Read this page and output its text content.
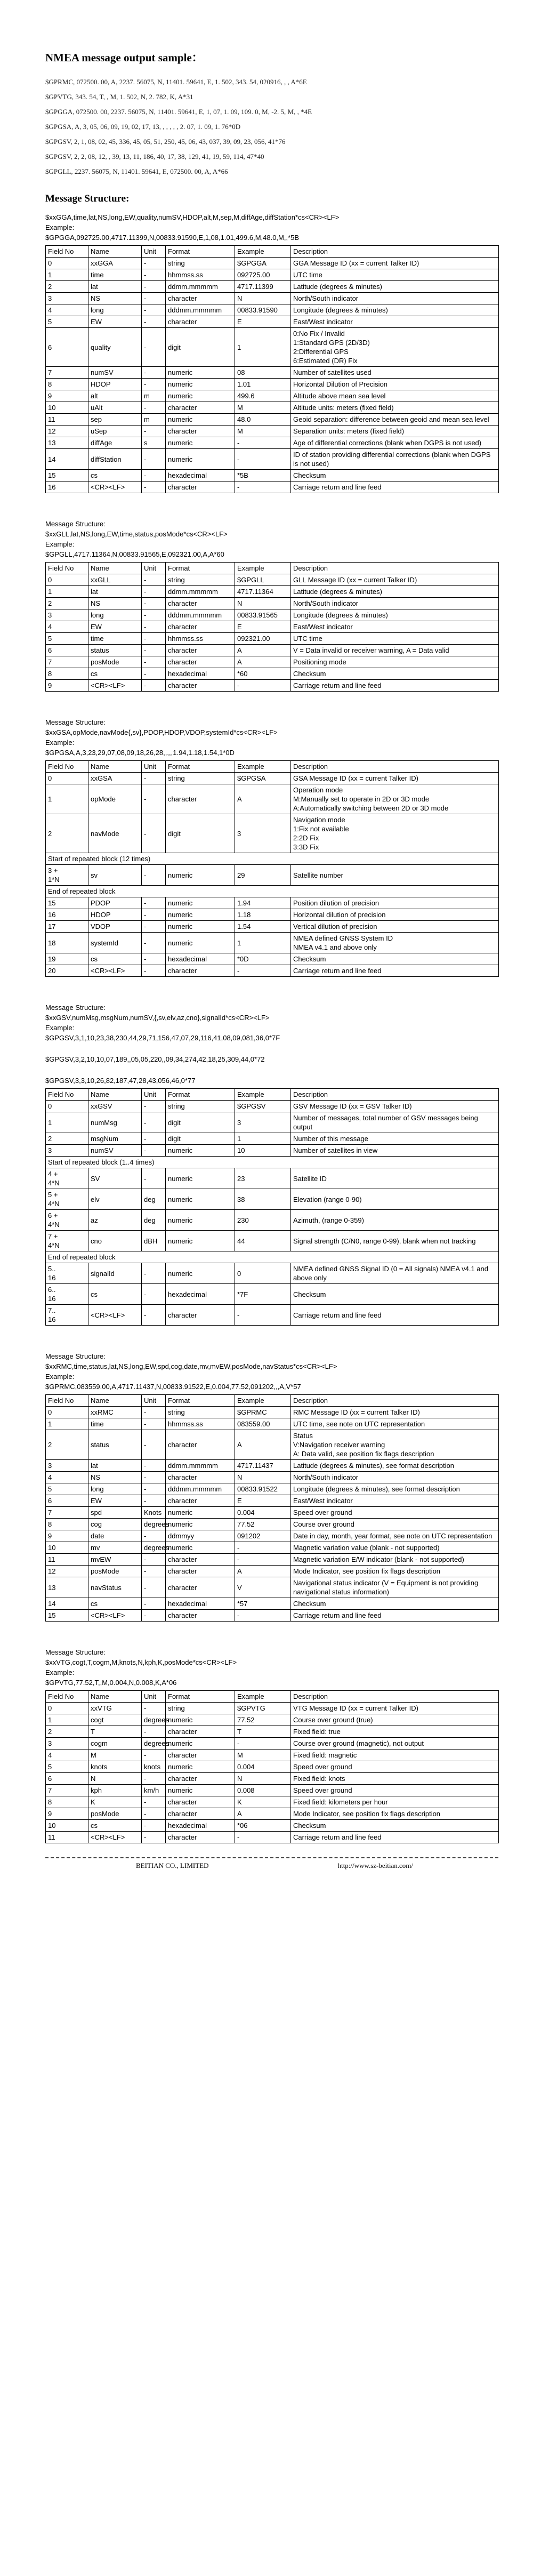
NMEA message output sample：
$GPRMC, 072500. 00, A, 2237. 56075, N, 11401. 59641, E, 1. 502, 343. 54, 020916, , , A*6E
$GPVTG, 343. 54, T, , M, 1. 502, N, 2. 782, K, A*31
$GPGGA, 072500. 00, 2237. 56075, N, 11401. 59641, E, 1, 07, 1. 09, 109. 0, M, -2. 5, M, , *4E
$GPGSA, A, 3, 05, 06, 09, 19, 02, 17, 13, , , , , , 2. 07, 1. 09, 1. 76*0D
$GPGSV, 2, 1, 08, 02, 45, 336, 45, 05, 51, 250, 45, 06, 43, 037, 39, 09, 23, 056, 41*76
$GPGSV, 2, 2, 08, 12, , 39, 13, 11, 186, 40, 17, 38, 129, 41, 19, 59, 114, 47*40
$GPGLL, 2237. 56075, N, 11401. 59641, E, 072500. 00, A, A*66
Message Structure:
$xxGGA,time,lat,NS,long,EW,quality,numSV,HDOP,alt,M,sep,M,diffAge,diffStation*cs<CR><LF>
Example:
$GPGGA,092725.00,4717.11399,N,00833.91590,E,1,08,1.01,499.6,M,48.0,M,,*5B
Field No	Name	Unit	Format	Example	Description
0	xxGGA	-	string	$GPGGA	GGA Message ID (xx = current Talker ID)
1	time	-	hhmmss.ss	092725.00	UTC time
2	lat	-	ddmm.mmmmm	4717.11399	Latitude (degrees & minutes)
3	NS	-	character	N	North/South indicator
4	long	-	dddmm.mmmmm	00833.91590	Longitude (degrees & minutes)
5	EW	-	character	E	East/West indicator
6	quality	-	digit	1	0:No Fix / Invalid
1:Standard GPS (2D/3D)
2:Differential GPS
6:Estimated (DR) Fix
7	numSV	-	numeric	08	Number of satellites used
8	HDOP	-	numeric	1.01	Horizontal Dilution of Precision
9	alt	m	numeric	499.6	Altitude above mean sea level
10	uAlt	-	character	M	Altitude units: meters (fixed field)
11	sep	m	numeric	48.0	Geoid separation: difference between geoid and mean sea level
12	uSep	-	character	M	Separation units: meters (fixed field)
13	diffAge	s	numeric	-	Age of differential corrections (blank when DGPS is not used)
14	diffStation	-	numeric	-	ID of station providing differential corrections (blank when DGPS is not used)
15	cs	-	hexadecimal	*5B	Checksum
16	<CR><LF>	-	character	-	Carriage return and line feed
Message Structure:
$xxGLL,lat,NS,long,EW,time,status,posMode*cs<CR><LF>
Example:
$GPGLL,4717.11364,N,00833.91565,E,092321.00,A,A*60
Field No	Name	Unit	Format	Example	Description
0	xxGLL	-	string	$GPGLL	GLL Message ID (xx = current Talker ID)
1	lat	-	ddmm.mmmmm	4717.11364	Latitude (degrees & minutes)
2	NS	-	character	N	North/South indicator
3	long	-	dddmm.mmmmm	00833.91565	Longitude (degrees & minutes)
4	EW	-	character	E	East/West indicator
5	time	-	hhmmss.ss	092321.00	UTC time
6	status	-	character	A	V = Data invalid or receiver warning, A = Data valid
7	posMode	-	character	A	Positioning mode
8	cs	-	hexadecimal	*60	Checksum
9	<CR><LF>	-	character	-	Carriage return and line feed
Message Structure:
$xxGSA,opMode,navMode{,sv},PDOP,HDOP,VDOP,systemId*cs<CR><LF>
Example:
$GPGSA,A,3,23,29,07,08,09,18,26,28,,,,,1.94,1.18,1.54,1*0D
Field No	Name	Unit	Format	Example	Description
0	xxGSA	-	string	$GPGSA	GSA Message ID (xx = current Talker ID)
1	opMode	-	character	A	Operation mode
M:Manually set to operate in 2D or 3D mode
A:Automatically switching between 2D or 3D mode
2	navMode	-	digit	3	Navigation mode
1:Fix not available
2:2D Fix
3:3D Fix
Start of repeated block (12 times)					
3 +
1*N	sv	-	numeric	29	Satellite number
End of repeated block					
15	PDOP	-	numeric	1.94	Position dilution of precision
16	HDOP	-	numeric	1.18	Horizontal dilution of precision
17	VDOP	-	numeric	1.54	Vertical dilution of precision
18	systemId	-	numeric	1	NMEA defined GNSS System ID
NMEA v4.1 and above only
19	cs	-	hexadecimal	*0D	Checksum
20	<CR><LF>	-	character	-	Carriage return and line feed
Message Structure:
$xxGSV,numMsg,msgNum,numSV,{,sv,elv,az,cno},signalId*cs<CR><LF>
Example:
$GPGSV,3,1,10,23,38,230,44,29,71,156,47,07,29,116,41,08,09,081,36,0*7F

$GPGSV,3,2,10,10,07,189,,05,05,220,,09,34,274,42,18,25,309,44,0*72

$GPGSV,3,3,10,26,82,187,47,28,43,056,46,0*77
Field No	Name	Unit	Format	Example	Description
0	xxGSV	-	string	$GPGSV	GSV Message ID (xx = GSV Talker ID)
1	numMsg	-	digit	3	Number of messages, total number of GSV messages being output
2	msgNum	-	digit	1	Number of this message
3	numSV	-	numeric	10	Number of satellites in view
Start of repeated block (1..4 times)					
4 +
4*N	SV	-	numeric	23	Satellite ID
5 +
4*N	elv	deg	numeric	38	Elevation (range 0-90)
6 +
4*N	az	deg	numeric	230	Azimuth, (range 0-359)
7 +
4*N	cno	dBH	numeric	44	Signal strength (C/N0, range 0-99), blank when not tracking
End of repeated block					
5..
16	signalId	-	numeric	0	NMEA defined GNSS Signal ID (0 = All signals) NMEA v4.1 and above only
6..
16	cs	-	hexadecimal	*7F	Checksum
7..
16	<CR><LF>	-	character	-	Carriage return and line feed
Message Structure:
$xxRMC,time,status,lat,NS,long,EW,spd,cog,date,mv,mvEW,posMode,navStatus*cs<CR><LF>
Example:
$GPRMC,083559.00,A,4717.11437,N,00833.91522,E,0.004,77.52,091202,,,A,V*57
Field No	Name	Unit	Format	Example	Description
0	xxRMC	-	string	$GPRMC	RMC Message ID (xx = current Talker ID)
1	time	-	hhmmss.ss	083559.00	UTC time, see note on UTC representation
2	status	-	character	A	Status
V:Navigation receiver warning
A: Data valid, see position fix flags description
3	lat	-	ddmm.mmmmm	4717.11437	Latitude (degrees & minutes), see format description
4	NS	-	character	N	North/South indicator
5	long	-	dddmm.mmmmm	00833.91522	Longitude (degrees & minutes), see format description
6	EW	-	character	E	East/West indicator
7	spd	Knots	numeric	0.004	Speed over ground
8	cog	degrees	numeric	77.52	Course over ground
9	date	-	ddmmyy	091202	Date in day, month, year format, see note on UTC representation
10	mv	degrees	numeric	-	Magnetic variation value (blank - not supported)
11	mvEW	-	character	-	Magnetic variation E/W indicator (blank - not supported)
12	posMode	-	character	A	Mode Indicator, see position fix flags description
13	navStatus	-	character	V	Navigational status indicator (V = Equipment is not providing navigational status information)
14	cs	-	hexadecimal	*57	Checksum
15	<CR><LF>	-	character	-	Carriage return and line feed
Message Structure:
$xxVTG,cogt,T,cogm,M,knots,N,kph,K,posMode*cs<CR><LF>
Example:
$GPVTG,77.52,T,,M,0.004,N,0.008,K,A*06
Field No	Name	Unit	Format	Example	Description
0	xxVTG	-	string	$GPVTG	VTG Message ID (xx = current Talker ID)
1	cogt	degrees	numeric	77.52	Course over ground (true)
2	T	-	character	T	Fixed field: true
3	cogm	degrees	numeric	-	Course over ground (magnetic), not output
4	M	-	character	M	Fixed field: magnetic
5	knots	knots	numeric	0.004	Speed over ground
6	N	-	character	N	Fixed field: knots
7	kph	km/h	numeric	0.008	Speed over ground
8	K	-	character	K	Fixed field: kilometers per hour
9	posMode	-	character	A	Mode Indicator, see position fix flags description
10	cs	-	hexadecimal	*06	Checksum
11	<CR><LF>	-	character	-	Carriage return and line feed
BEITIAN CO., LIMITED	http://www.sz-beitian.com/
